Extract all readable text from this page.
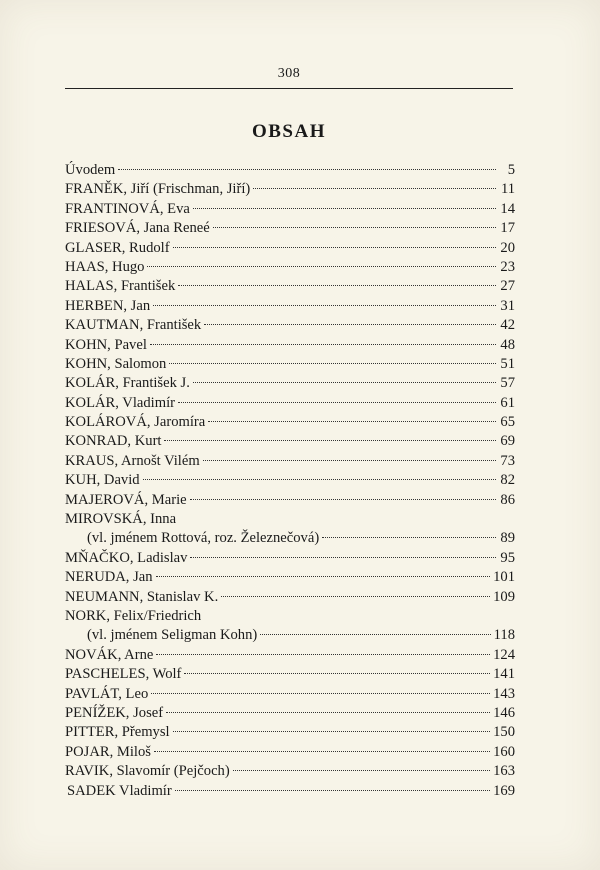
308
OBSAH
Úvodem	5
FRANĚK, Jiří (Frischman, Jiří)	11
FRANTINOVÁ, Eva	14
FRIESOVÁ, Jana Reneé	17
GLASER, Rudolf	20
HAAS, Hugo	23
HALAS, František	27
HERBEN, Jan	31
KAUTMAN, František	42
KOHN, Pavel	48
KOHN, Salomon	51
KOLÁR, František J.	57
KOLÁR, Vladimír	61
KOLÁROVÁ, Jaromíra	65
KONRAD, Kurt	69
KRAUS, Arnošt Vilém	73
KUH, David	82
MAJEROVÁ, Marie	86
MIROVSKÁ, Inna
(vl. jménem Rottová, roz. Železnečová)	89
MŇAČKO, Ladislav	95
NERUDA, Jan	101
NEUMANN, Stanislav K.	109
NORK, Felix/Friedrich
(vl. jménem Seligman Kohn)	118
NOVÁK, Arne	124
PASCHELES, Wolf	141
PAVLÁT, Leo	143
PENÍŽEK, Josef	146
PITTER, Přemysl	150
POJAR, Miloš	160
RAVIK, Slavomír (Pejčoch)	163
SADEK Vladimír	169
